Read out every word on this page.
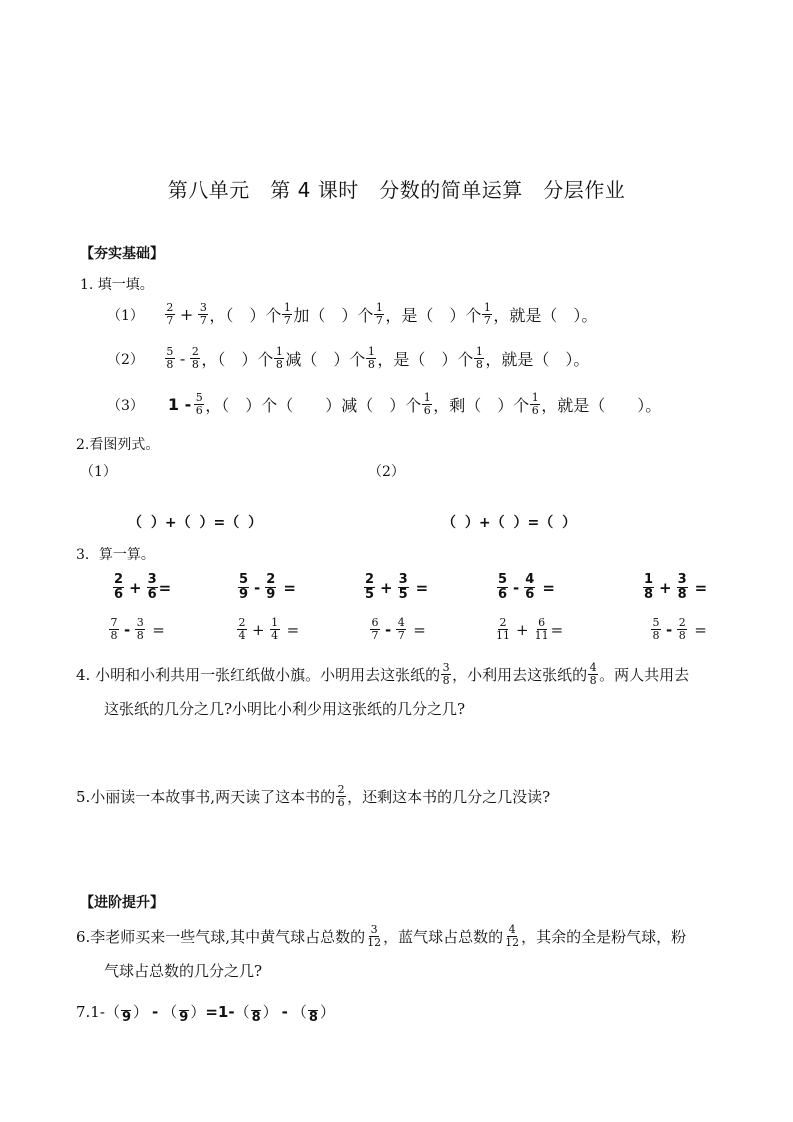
第八单元　第 4 课时　分数的简单运算　分层作业
【夯实基础】
1. 填一填。
$(1) \frac{2}{7} + \frac{3}{7}$ ，（　）个 $\frac{1}{7}$ 加（　）个 $\frac{1}{7}$ ，是（　）个 $\frac{1}{7}$ ，就是（　）。
$(2) \frac{5}{8} - \frac{2}{8}$ ，（　）个 $\frac{1}{8}$ 减（　）个 $\frac{1}{8}$ ，是（　）个 $\frac{1}{8}$ ，就是（　）。
（3） $1 - \frac{5}{6}$ ，（　）个（　　）减（　）个 $\frac{1}{6}$ ，剩（　）个 $\frac{1}{6}$ ，就是（　　）。
2.看图列式。
（1）	（2）
（ ）+（ ）=（ ）	（ ）+（ ）=（ ）
3．算一算。
$\frac{2}{6} + \frac{3}{6}$ =	$\frac{5}{9} - \frac{2}{9}$ =	$\frac{2}{5} + \frac{3}{5}$ =	$\frac{5}{6} - \frac{4}{6}$ =	$\frac{1}{8} + \frac{3}{8}$ =
$\frac{7}{8} - \frac{3}{8}$ =	$\frac{2}{4} + \frac{1}{4}$ =	$\frac{6}{7} - \frac{4}{7}$ =	$\frac{2}{11} + \frac{6}{11}$ =	$\frac{5}{8} - \frac{2}{8}$ =
4. 小明和小利共用一张红纸做小旗。小明用去这张纸的 $\frac{3}{8}$ ，小利用去这张纸的 $\frac{4}{8}$ 。两人共用去
这张纸的几分之几?小明比小利少用这张纸的几分之几?
5.小丽读一本故事书,两天读了这本书的 $\frac{2}{6}$ ，还剩这本书的几分之几没读?
【进阶提升】
6.李老师买来一些气球,其中黄气球占总数的 $\frac{3}{12}$ ，蓝气球占总数的 $\frac{4}{12}$ ，其余的全是粉气球，粉
气球占总数的几分之几?
7.1- （ 9 ） - （ 9 ） =1- （ 8 ） - （ 8 ）
